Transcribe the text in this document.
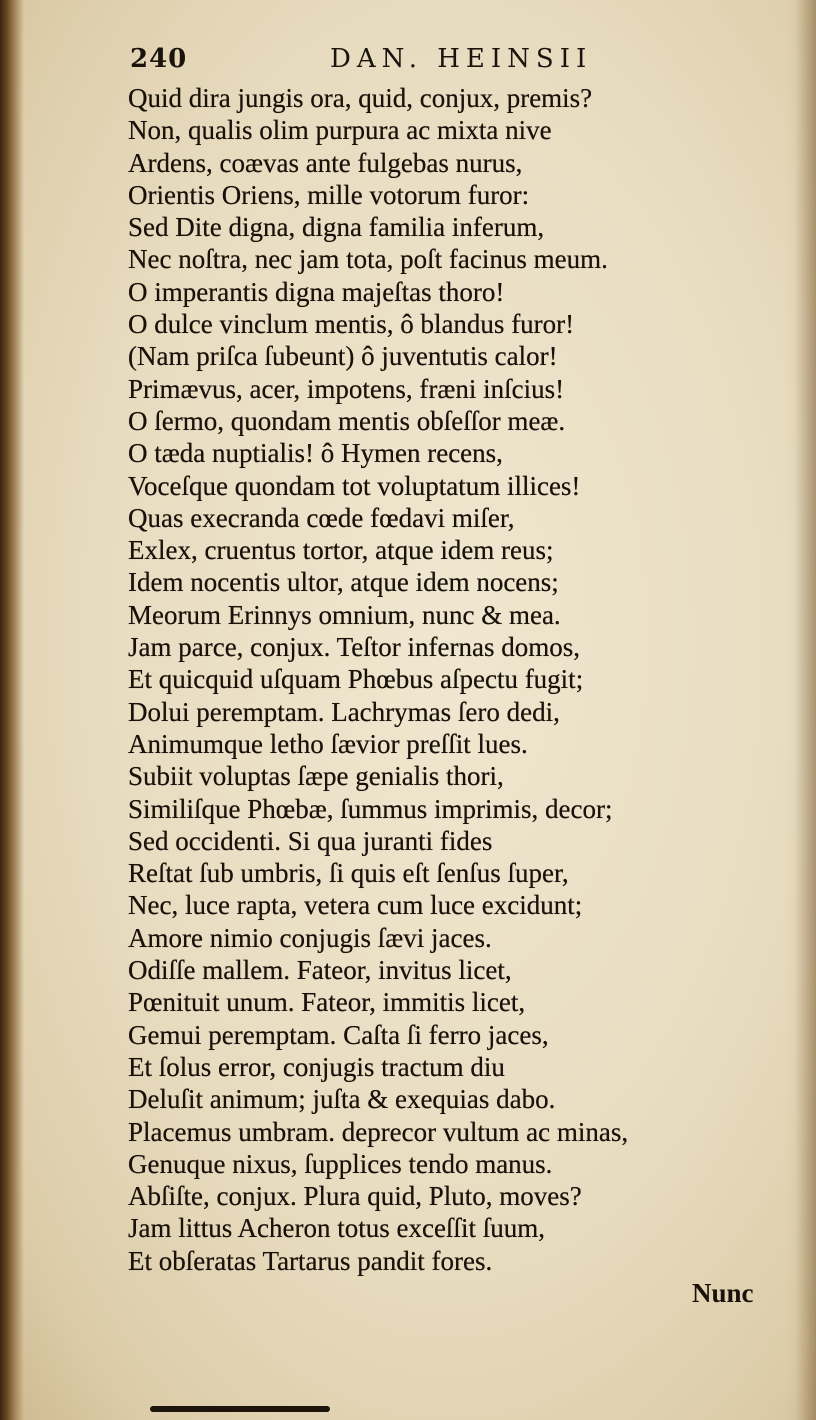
240	DAN. HEINSII
Quid dira jungis ora, quid, conjux, premis?
Non, qualis olim purpura ac mixta nive
Ardens, coævas ante fulgebas nurus,
Orientis Oriens, mille votorum furor:
Sed Dite digna, digna familia inferum,
Nec noſtra, nec jam tota, poſt facinus meum.
O imperantis digna majeſtas thoro!
O dulce vinclum mentis, ô blandus furor!
(Nam priſca ſubeunt) ô juventutis calor!
Primævus, acer, impotens, fræni inſcius!
O ſermo, quondam mentis obſeſſor meæ.
O tæda nuptialis! ô Hymen recens,
Voceſque quondam tot voluptatum illices!
Quas execranda cœde fœdavi miſer,
Exlex, cruentus tortor, atque idem reus;
Idem nocentis ultor, atque idem nocens;
Meorum Erinnys omnium, nunc & mea.
Jam parce, conjux. Teſtor infernas domos,
Et quicquid uſquam Phœbus aſpectu fugit;
Dolui peremptam. Lachrymas ſero dedi,
Animumque letho ſævior preſſit lues.
Subiit voluptas ſæpe genialis thori,
Similiſque Phœbæ, ſummus imprimis, decor;
Sed occidenti. Si qua juranti fides
Reſtat ſub umbris, ſi quis eſt ſenſus ſuper,
Nec, luce rapta, vetera cum luce excidunt;
Amore nimio conjugis ſævi jaces.
Odiſſe mallem. Fateor, invitus licet,
Pœnituit unum. Fateor, immitis licet,
Gemui peremptam. Caſta ſi ferro jaces,
Et ſolus error, conjugis tractum diu
Deluſit animum; juſta & exequias dabo.
Placemus umbram. deprecor vultum ac minas,
Genuque nixus, ſupplices tendo manus.
Abſiſte, conjux. Plura quid, Pluto, moves?
Jam littus Acheron totus exceſſit ſuum,
Et obſeratas Tartarus pandit fores.
Nunc
